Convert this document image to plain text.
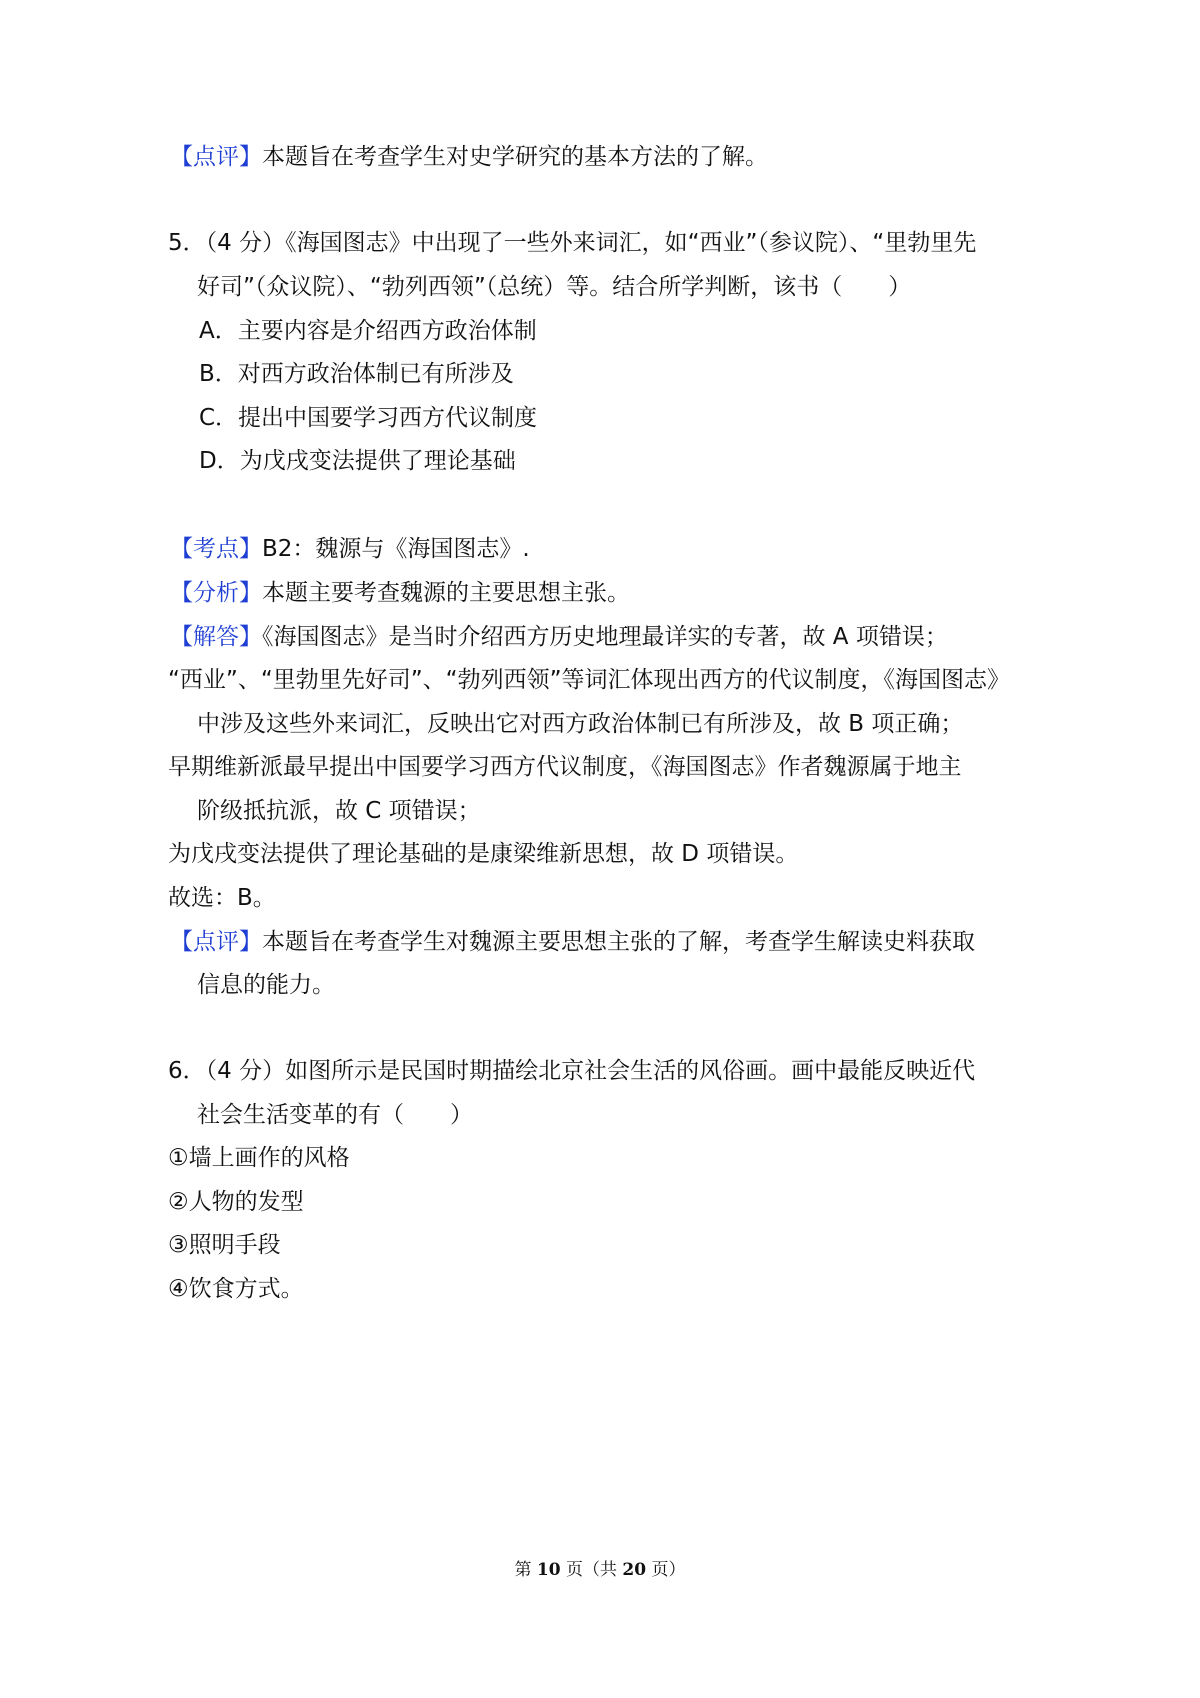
【点评】本题旨在考查学生对史学研究的基本方法的了解。
5．（4 分）《海国图志》中出现了一些外来词汇，如“西业”（参议院）、“里勃里先
好司”（众议院）、“勃列西领”（总统）等。结合所学判断，该书（　　）
A．主要内容是介绍西方政治体制
B．对西方政治体制已有所涉及
C．提出中国要学习西方代议制度
D．为戊戌变法提供了理论基础
【考点】B2：魏源与《海国图志》.
【分析】本题主要考查魏源的主要思想主张。
【解答】《海国图志》是当时介绍西方历史地理最详实的专著，故 A 项错误；
“西业”、“里勃里先好司”、“勃列西领”等词汇体现出西方的代议制度，《海国图志》
中涉及这些外来词汇，反映出它对西方政治体制已有所涉及，故 B 项正确；
早期维新派最早提出中国要学习西方代议制度，《海国图志》作者魏源属于地主
阶级抵抗派，故 C 项错误；
为戊戌变法提供了理论基础的是康梁维新思想，故 D 项错误。
故选：B。
【点评】本题旨在考查学生对魏源主要思想主张的了解，考查学生解读史料获取
信息的能力。
6．（4 分）如图所示是民国时期描绘北京社会生活的风俗画。画中最能反映近代
社会生活变革的有（　　）
①墙上画作的风格
②人物的发型
③照明手段
④饮食方式。
第 10 页（共 20 页）
